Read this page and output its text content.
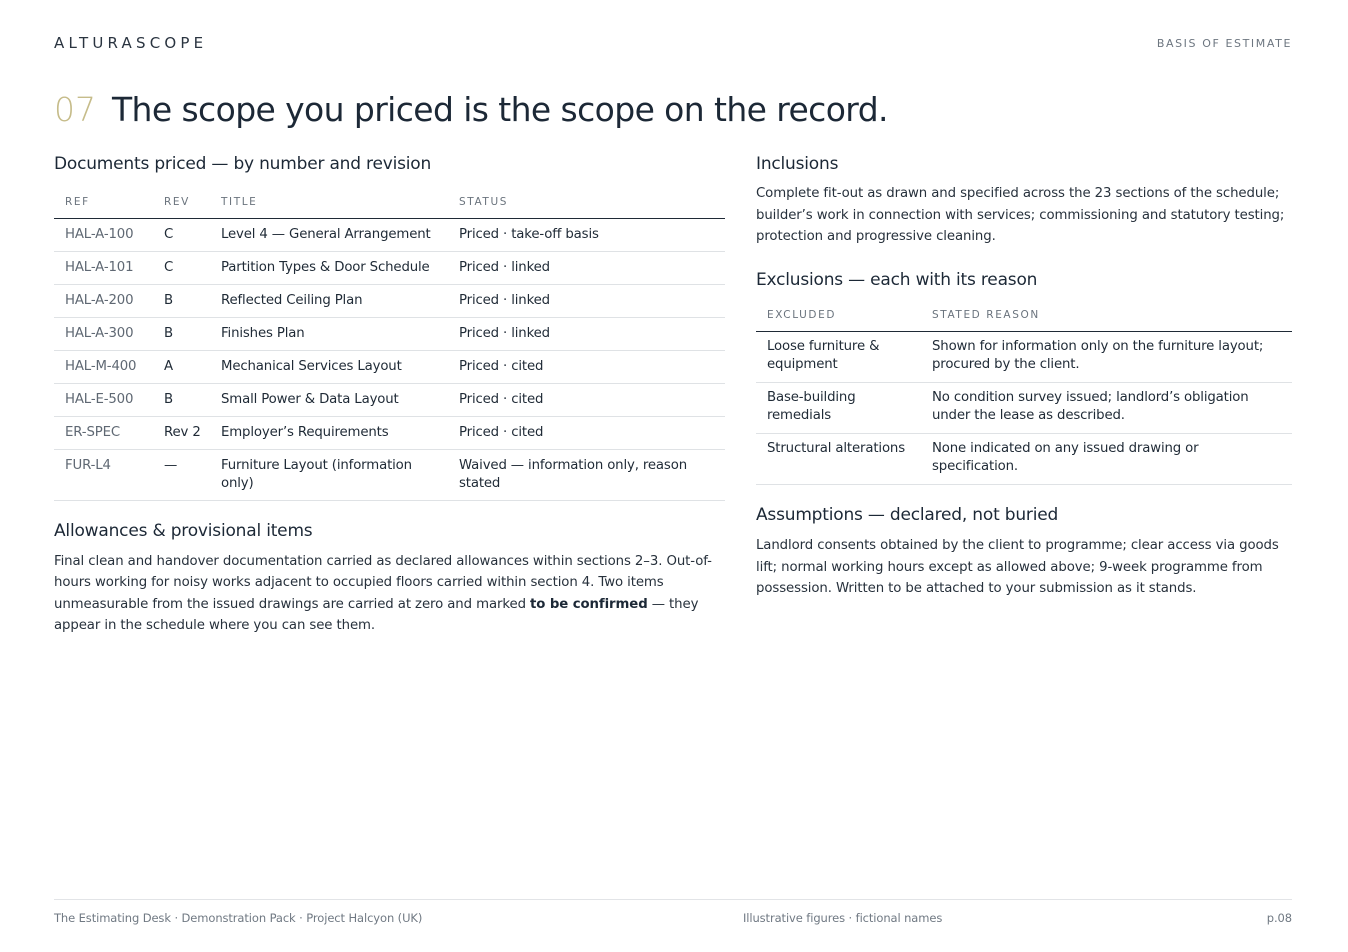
ALTURASCOPE	BASIS OF ESTIMATE
07 The scope you priced is the scope on the record.
Documents priced — by number and revision
REF	REV	TITLE	STATUS
HAL-A-100	C	Level 4 — General Arrangement	Priced · take-off basis
HAL-A-101	C	Partition Types & Door Schedule	Priced · linked
HAL-A-200	B	Reflected Ceiling Plan	Priced · linked
HAL-A-300	B	Finishes Plan	Priced · linked
HAL-M-400	A	Mechanical Services Layout	Priced · cited
HAL-E-500	B	Small Power & Data Layout	Priced · cited
ER-SPEC	Rev 2	Employer’s Requirements	Priced · cited
FUR-L4	—	Furniture Layout (information only)	Waived — information only, reason stated
Allowances & provisional items

Final clean and handover documentation carried as declared allowances within sections 2–3. Out-of-hours working for noisy works adjacent to occupied floors carried within section 4. Two items unmeasurable from the issued drawings are carried at zero and marked to be confirmed — they appear in the schedule where you can see them.

Inclusions

Complete fit-out as drawn and specified across the 23 sections of the schedule; builder’s work in connection with services; commissioning and statutory testing; protection and progressive cleaning.

Exclusions — each with its reason
EXCLUDED	STATED REASON
Loose furniture & equipment	Shown for information only on the furniture layout; procured by the client.
Base-building remedials	No condition survey issued; landlord’s obligation under the lease as described.
Structural alterations	None indicated on any issued drawing or specification.
Assumptions — declared, not buried

Landlord consents obtained by the client to programme; clear access via goods lift; normal working hours except as allowed above; 9-week programme from possession. Written to be attached to your submission as it stands.

The Estimating Desk · Demonstration Pack · Project Halcyon (UK)	Illustrative figures · fictional names	p.08
